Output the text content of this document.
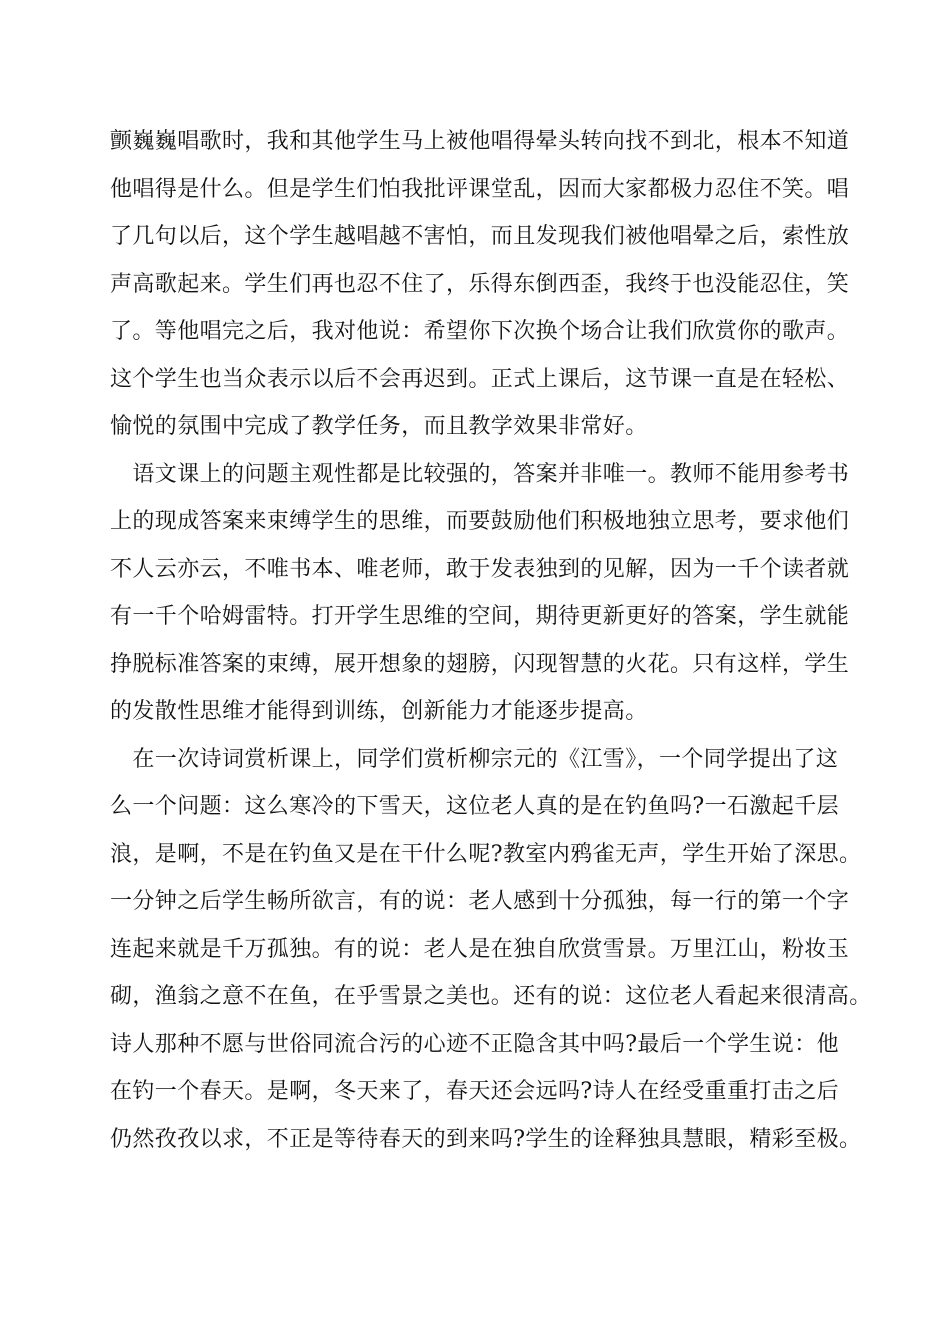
颤巍巍唱歌时，我和其他学生马上被他唱得晕头转向找不到北，根本不知道
他唱得是什么。但是学生们怕我批评课堂乱，因而大家都极力忍住不笑。唱
了几句以后，这个学生越唱越不害怕，而且发现我们被他唱晕之后，索性放
声高歌起来。学生们再也忍不住了，乐得东倒西歪，我终于也没能忍住，笑
了。等他唱完之后，我对他说：希望你下次换个场合让我们欣赏你的歌声。
这个学生也当众表示以后不会再迟到。正式上课后，这节课一直是在轻松、
愉悦的氛围中完成了教学任务，而且教学效果非常好。
　语文课上的问题主观性都是比较强的，答案并非唯一。教师不能用参考书
上的现成答案来束缚学生的思维，而要鼓励他们积极地独立思考，要求他们
不人云亦云，不唯书本、唯老师，敢于发表独到的见解，因为一千个读者就
有一千个哈姆雷特。打开学生思维的空间，期待更新更好的答案，学生就能
挣脱标准答案的束缚，展开想象的翅膀，闪现智慧的火花。只有这样，学生
的发散性思维才能得到训练，创新能力才能逐步提高。
　在一次诗词赏析课上，同学们赏析柳宗元的《江雪》，一个同学提出了这
么一个问题：这么寒冷的下雪天，这位老人真的是在钓鱼吗?一石激起千层
浪，是啊，不是在钓鱼又是在干什么呢?教室内鸦雀无声，学生开始了深思。
一分钟之后学生畅所欲言，有的说：老人感到十分孤独，每一行的第一个字
连起来就是千万孤独。有的说：老人是在独自欣赏雪景。万里江山，粉妆玉
砌，渔翁之意不在鱼，在乎雪景之美也。还有的说：这位老人看起来很清高。
诗人那种不愿与世俗同流合污的心迹不正隐含其中吗?最后一个学生说：他
在钓一个春天。是啊，冬天来了，春天还会远吗?诗人在经受重重打击之后
仍然孜孜以求，不正是等待春天的到来吗?学生的诠释独具慧眼，精彩至极。
